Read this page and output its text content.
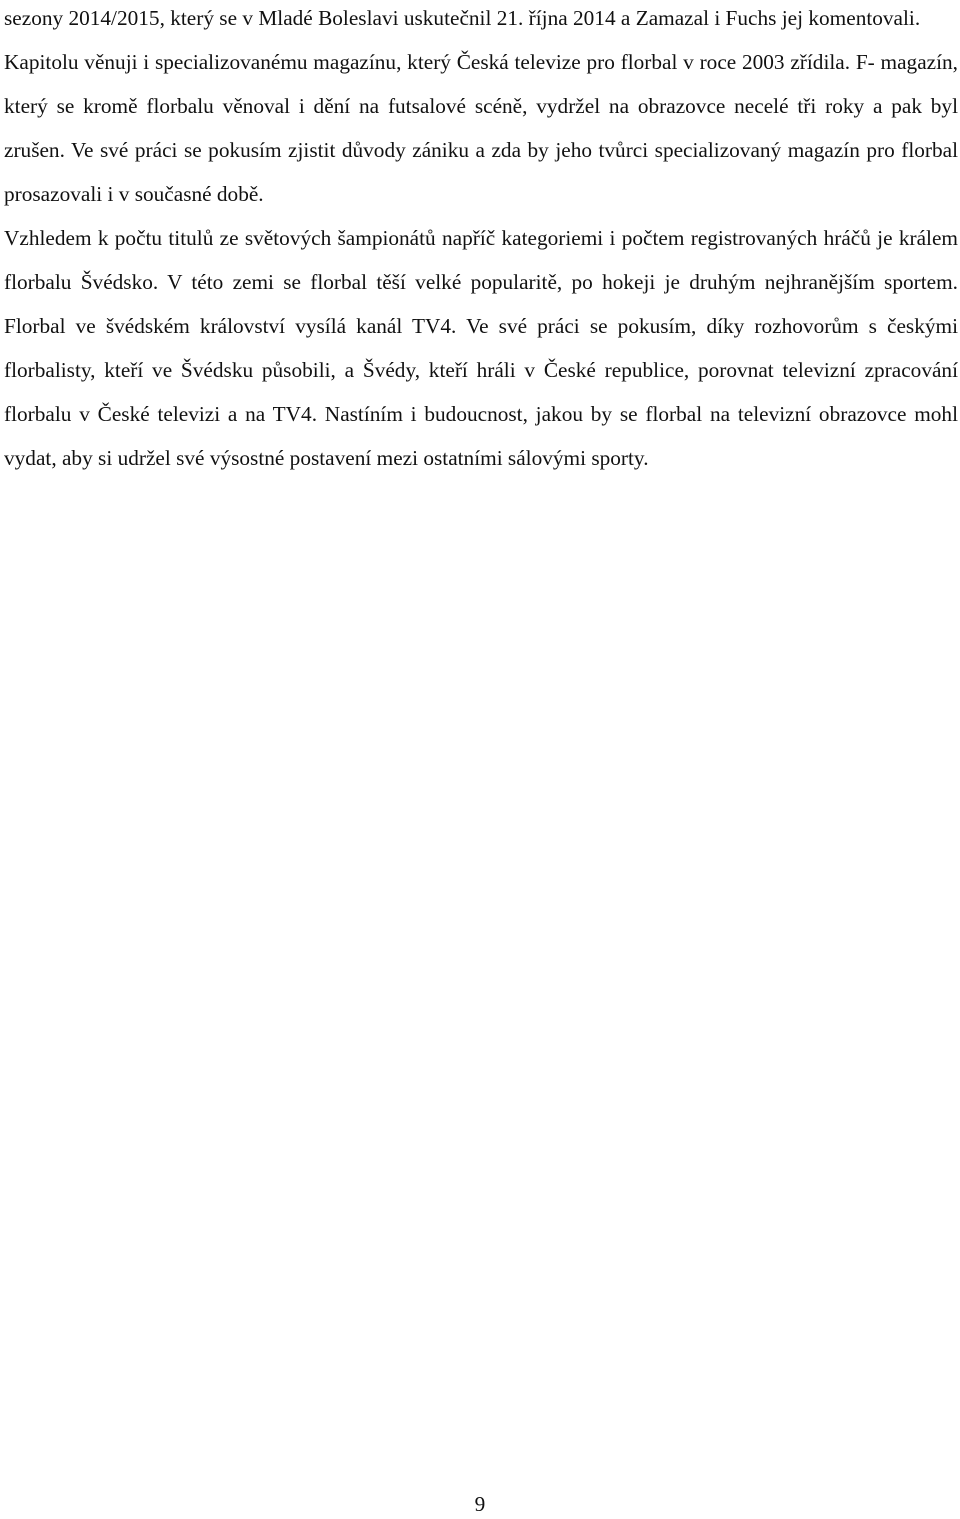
sezony 2014/2015, který se v Mladé Boleslavi uskutečnil 21. října 2014 a Zamazal i Fuchs jej komentovali.

Kapitolu věnuji i specializovanému magazínu, který Česká televize pro florbal v roce 2003 zřídila. F- magazín, který se kromě florbalu věnoval i dění na futsalové scéně, vydržel na obrazovce necelé tři roky a pak byl zrušen. Ve své práci se pokusím zjistit důvody zániku a zda by jeho tvůrci specializovaný magazín pro florbal prosazovali i v současné době.

Vzhledem k počtu titulů ze světových šampionátů napříč kategoriemi i počtem registrovaných hráčů je králem florbalu Švédsko. V této zemi se florbal těší velké popularitě, po hokeji je druhým nejhranějším sportem. Florbal ve švédském království vysílá kanál TV4. Ve své práci se pokusím, díky rozhovorům s českými florbalisty, kteří ve Švédsku působili, a Švédy, kteří hráli v České republice, porovnat televizní zpracování florbalu v České televizi a na TV4. Nastíním i budoucnost, jakou by se florbal na televizní obrazovce mohl vydat, aby si udržel své výsostné postavení mezi ostatními sálovými sporty.

9
